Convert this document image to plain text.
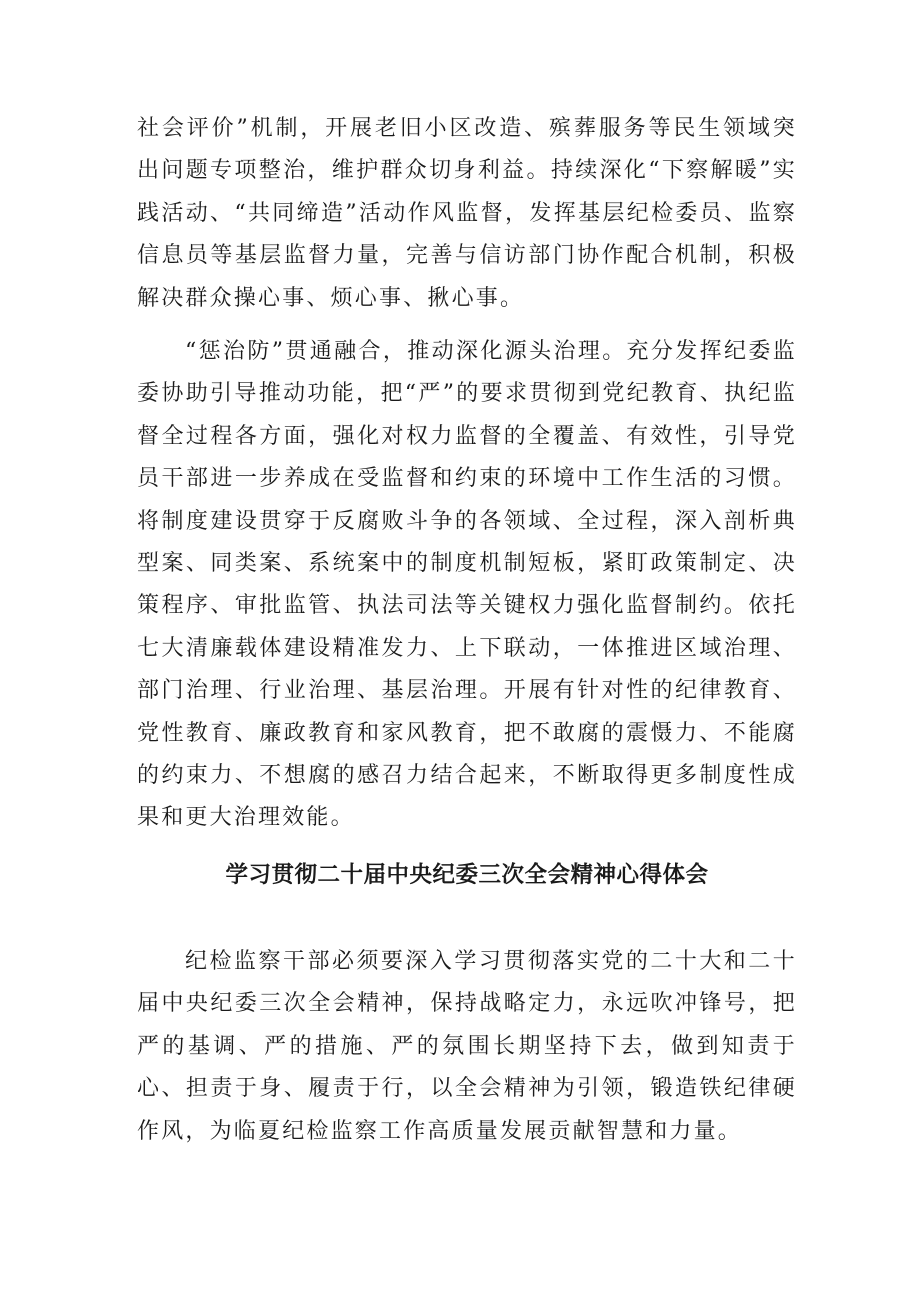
社会评价”机制，开展老旧小区改造、殡葬服务等民生领域突出问题专项整治，维护群众切身利益。持续深化“下察解暖”实践活动、“共同缔造”活动作风监督，发挥基层纪检委员、监察信息员等基层监督力量，完善与信访部门协作配合机制，积极解决群众操心事、烦心事、揪心事。

“惩治防”贯通融合，推动深化源头治理。充分发挥纪委监委协助引导推动功能，把“严”的要求贯彻到党纪教育、执纪监督全过程各方面，强化对权力监督的全覆盖、有效性，引导党员干部进一步养成在受监督和约束的环境中工作生活的习惯。将制度建设贯穿于反腐败斗争的各领域、全过程，深入剖析典型案、同类案、系统案中的制度机制短板，紧盯政策制定、决策程序、审批监管、执法司法等关键权力强化监督制约。依托七大清廉载体建设精准发力、上下联动，一体推进区域治理、部门治理、行业治理、基层治理。开展有针对性的纪律教育、党性教育、廉政教育和家风教育，把不敢腐的震慑力、不能腐的约束力、不想腐的感召力结合起来，不断取得更多制度性成果和更大治理效能。

学习贯彻二十届中央纪委三次全会精神心得体会

纪检监察干部必须要深入学习贯彻落实党的二十大和二十届中央纪委三次全会精神，保持战略定力，永远吹冲锋号，把严的基调、严的措施、严的氛围长期坚持下去，做到知责于心、担责于身、履责于行，以全会精神为引领，锻造铁纪律硬作风，为临夏纪检监察工作高质量发展贡献智慧和力量。
